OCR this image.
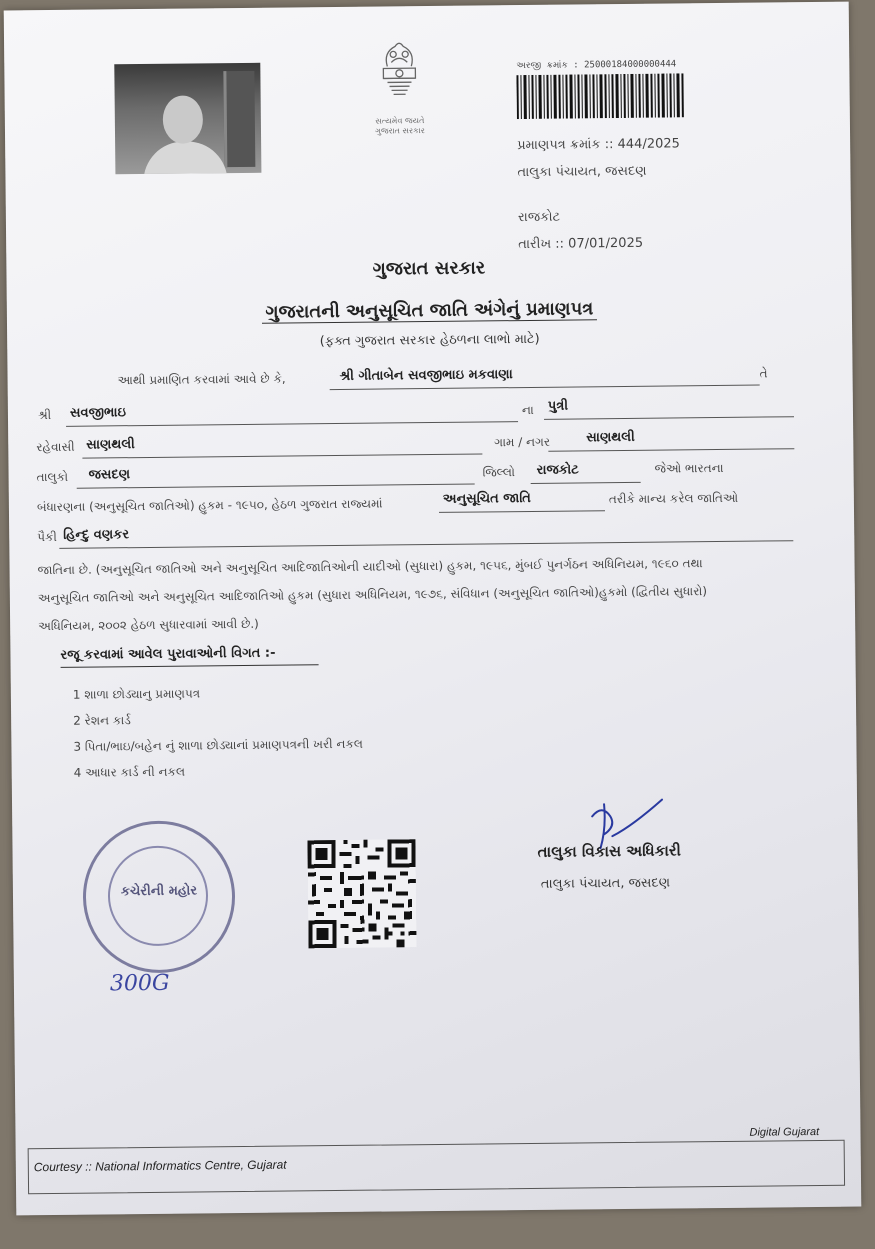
સત્યમેવ જયતે
ગુજરાત સરકાર
અરજી ક્રમાંક : 25000184000000444
પ્રમાણપત્ર ક્રમાંક :: 444/2025
તાલુકા પંચાયત, જસદણ
રાજકોટ
તારીખ :: 07/01/2025
ગુજરાત સરકાર
ગુજરાતની અનુસૂચિત જાતિ અંગેનું પ્રમાણપત્ર
(ફક્ત ગુજરાત સરકાર હેઠળના લાભો માટે)
આથી પ્રમાણિત કરવામાં આવે છે કે,	શ્રી ગીતાબેન સવજીભાઇ મકવાણા	તે
શ્રી સવજીભાઇ	ના પુત્રી
રહેવાસી સાણથલી	ગામ / નગર	સાણથલી
તાલુકો જસદણ	જિલ્લો રાજકોટ	જેઓ ભારતના
બંધારણના (અનુસૂચિત જાતિઓ) હુકમ - ૧૯૫૦, હેઠળ ગુજરાત રાજ્યમાં	અનુસૂચિત જાતિ	તરીકે માન્ય કરેલ જાતિઓ
પૈકી હિન્દુ વણકર
જાતિના છે. (અનુસૂચિત જાતિઓ અને અનુસૂચિત આદિજાતિઓની યાદીઓ (સુધારા) હુકમ, ૧૯૫૬, મુંબઈ પુનર્ગઠન અધિનિયમ, ૧૯૬૦ તથા
અનુસૂચિત જાતિઓ અને અનુસૂચિત આદિજાતિઓ હુકમ (સુધારા અધિનિયમ, ૧૯૭૬, સંવિધાન (અનુસૂચિત જાતિઓ)હુકમો (દ્વિતીય સુધારો)
અધિનિયમ, ૨૦૦૨ હેઠળ સુધારવામાં આવી છે.)
રજૂ કરવામાં આવેલ પુરાવાઓની વિગત :-
1 શાળા છોડ્યાનુ પ્રમાણપત્ર
2 રેશન કાર્ડ
3 પિતા/ભાઇ/બહેન નું શાળા છોડ્યાનાં પ્રમાણપત્રની ખરી નકલ
4 આધાર કાર્ડ ની નકલ
કચેરીની મહોર
300G
તાલુકા વિકાસ અધિકારી
તાલુકા પંચાયત, જસદણ
Digital Gujarat
Courtesy :: National Informatics Centre, Gujarat
